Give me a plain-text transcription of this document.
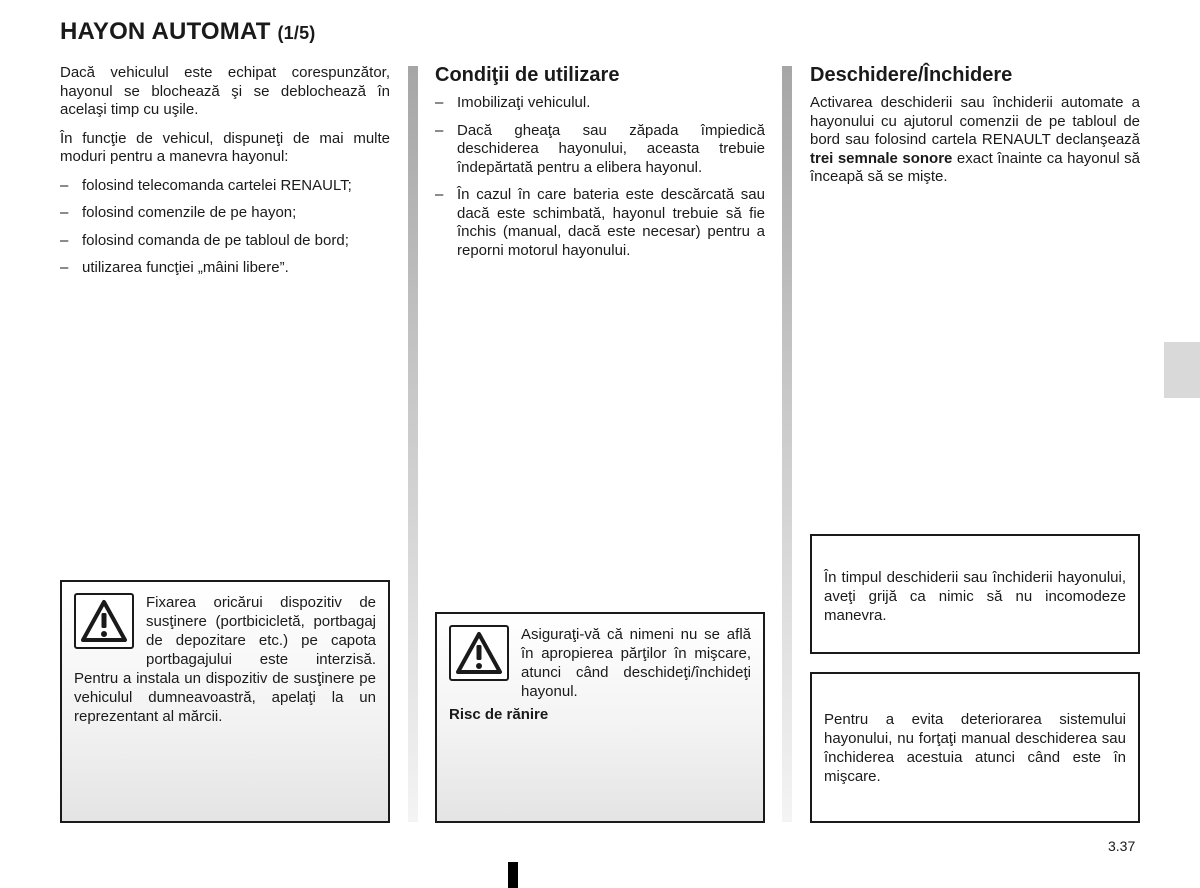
HAYON AUTOMAT (1/5)

Dacă vehiculul este echipat corespunzător, hayonul se blochează şi se deblochează în acelaşi timp cu uşile.

În funcţie de vehicul, dispuneţi de mai multe moduri pentru a manevra hayonul:

– folosind telecomanda cartelei RENAULT;
– folosind comenzile de pe hayon;
– folosind comanda de pe tabloul de bord;
– utilizarea funcţiei „mâini libere”.
Fixarea oricărui dispozitiv de susţinere (portbicicletă, portbagaj de depozitare etc.) pe capota portbagajului este interzisă. Pentru a instala un dispozitiv de susţinere pe vehiculul dumneavoastră, apelaţi la un reprezentant al mărcii.
Condiţii de utilizare
– Imobilizaţi vehiculul.
– Dacă gheaţa sau zăpada împiedică deschiderea hayonului, aceasta trebuie îndepărtată pentru a elibera hayonul.
– În cazul în care bateria este descărcată sau dacă este schimbată, hayonul trebuie să fie închis (manual, dacă este necesar) pentru a reporni motorul hayonului.
Asiguraţi-vă că nimeni nu se află în apropierea părţilor în mişcare, atunci când deschideţi/închideţi hayonul.
Risc de rănire
Deschidere/Închidere

Activarea deschiderii sau închiderii automate a hayonului cu ajutorul comenzii de pe tabloul de bord sau folosind cartela RENAULT declanşează trei semnale sonore exact înainte ca hayonul să înceapă să se mişte.

În timpul deschiderii sau închiderii hayonului, aveţi grijă ca nimic să nu incomodeze manevra.
Pentru a evita deteriorarea sistemului hayonului, nu forţaţi manual deschiderea sau închiderea acestuia atunci când este în mişcare.
3.37
